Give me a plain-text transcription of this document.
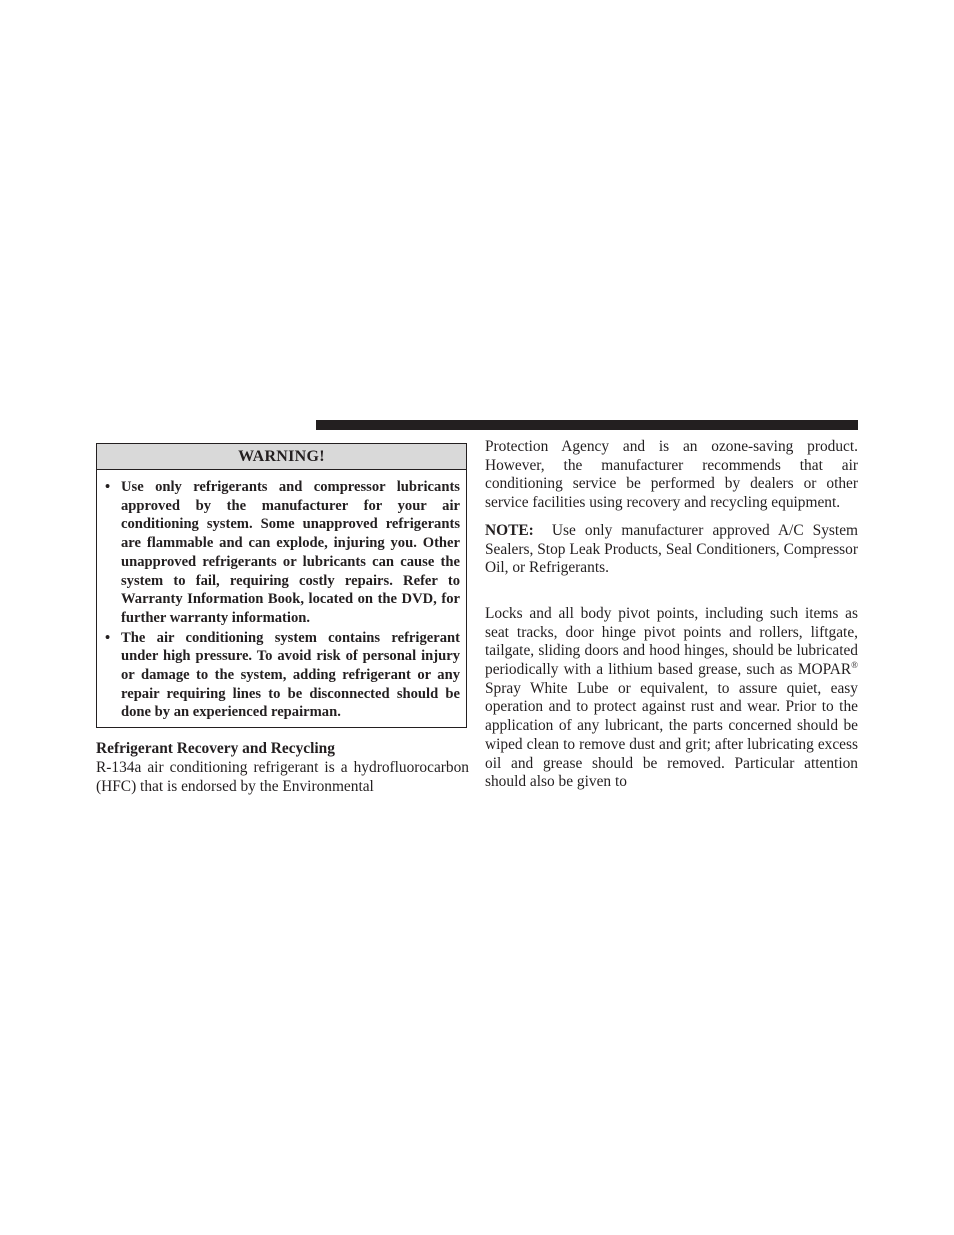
WARNING!
• Use only refrigerants and compressor lubricants approved by the manufacturer for your air conditioning system. Some unapproved refrigerants are flammable and can explode, injuring you. Other unapproved refrigerants or lubricants can cause the system to fail, requiring costly repairs. Refer to Warranty Information Book, located on the DVD, for further warranty information.
• The air conditioning system contains refrigerant under high pressure. To avoid risk of personal injury or damage to the system, adding refrigerant or any repair requiring lines to be disconnected should be done by an experienced repairman.

Refrigerant Recovery and Recycling

R-134a air conditioning refrigerant is a hydrofluorocarbon (HFC) that is endorsed by the Environmental

Protection Agency and is an ozone-saving product. However, the manufacturer recommends that air conditioning service be performed by dealers or other service facilities using recovery and recycling equipment.

NOTE: Use only manufacturer approved A/C System Sealers, Stop Leak Products, Seal Conditioners, Compressor Oil, or Refrigerants.

Locks and all body pivot points, including such items as seat tracks, door hinge pivot points and rollers, liftgate, tailgate, sliding doors and hood hinges, should be lubricated periodically with a lithium based grease, such as MOPAR® Spray White Lube or equivalent, to assure quiet, easy operation and to protect against rust and wear. Prior to the application of any lubricant, the parts concerned should be wiped clean to remove dust and grit; after lubricating excess oil and grease should be removed. Particular attention should also be given to
